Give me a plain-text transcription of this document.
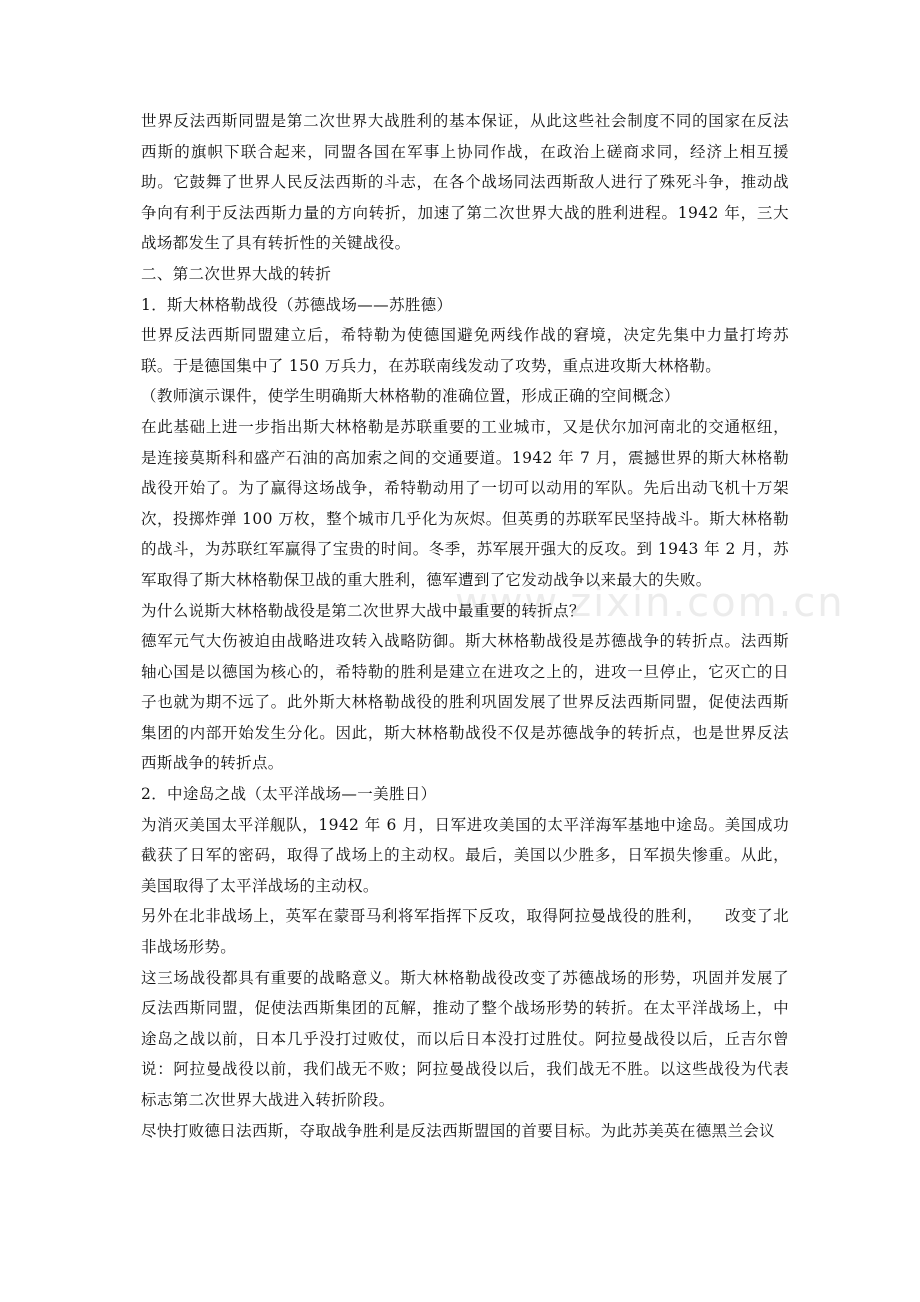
www.zixin.com.cn

世界反法西斯同盟是第二次世界大战胜利的基本保证，从此这些社会制度不同的国家在反法西斯的旗帜下联合起来，同盟各国在军事上协同作战，在政治上磋商求同，经济上相互援助。它鼓舞了世界人民反法西斯的斗志，在各个战场同法西斯敌人进行了殊死斗争，推动战争向有利于反法西斯力量的方向转折，加速了第二次世界大战的胜利进程。1942 年，三大战场都发生了具有转折性的关键战役。

二、第二次世界大战的转折

1．斯大林格勒战役（苏德战场——苏胜德）

世界反法西斯同盟建立后，希特勒为使德国避免两线作战的窘境，决定先集中力量打垮苏联。于是德国集中了 150 万兵力，在苏联南线发动了攻势，重点进攻斯大林格勒。

（教师演示课件，使学生明确斯大林格勒的准确位置，形成正确的空间概念）

在此基础上进一步指出斯大林格勒是苏联重要的工业城市，又是伏尔加河南北的交通枢纽，是连接莫斯科和盛产石油的高加索之间的交通要道。1942 年 7 月，震撼世界的斯大林格勒战役开始了。为了赢得这场战争，希特勒动用了一切可以动用的军队。先后出动飞机十万架次，投掷炸弹 100 万枚，整个城市几乎化为灰烬。但英勇的苏联军民坚持战斗。斯大林格勒的战斗，为苏联红军赢得了宝贵的时间。冬季，苏军展开强大的反攻。到 1943 年 2 月，苏军取得了斯大林格勒保卫战的重大胜利，德军遭到了它发动战争以来最大的失败。

为什么说斯大林格勒战役是第二次世界大战中最重要的转折点？

德军元气大伤被迫由战略进攻转入战略防御。斯大林格勒战役是苏德战争的转折点。法西斯轴心国是以德国为核心的，希特勒的胜利是建立在进攻之上的，进攻一旦停止，它灭亡的日子也就为期不远了。此外斯大林格勒战役的胜利巩固发展了世界反法西斯同盟，促使法西斯集团的内部开始发生分化。因此，斯大林格勒战役不仅是苏德战争的转折点，也是世界反法西斯战争的转折点。

2．中途岛之战（太平洋战场—一美胜日）

为消灭美国太平洋舰队，1942 年 6 月，日军进攻美国的太平洋海军基地中途岛。美国成功截获了日军的密码，取得了战场上的主动权。最后，美国以少胜多，日军损失惨重。从此，美国取得了太平洋战场的主动权。

另外在北非战场上，英军在蒙哥马利将军指挥下反攻，取得阿拉曼战役的胜利，    改变了北非战场形势。

这三场战役都具有重要的战略意义。斯大林格勒战役改变了苏德战场的形势，巩固并发展了反法西斯同盟，促使法西斯集团的瓦解，推动了整个战场形势的转折。在太平洋战场上，中途岛之战以前，日本几乎没打过败仗，而以后日本没打过胜仗。阿拉曼战役以后，丘吉尔曾说：阿拉曼战役以前，我们战无不败；阿拉曼战役以后，我们战无不胜。以这些战役为代表标志第二次世界大战进入转折阶段。

尽快打败德日法西斯，夺取战争胜利是反法西斯盟国的首要目标。为此苏美英在德黑兰会议
